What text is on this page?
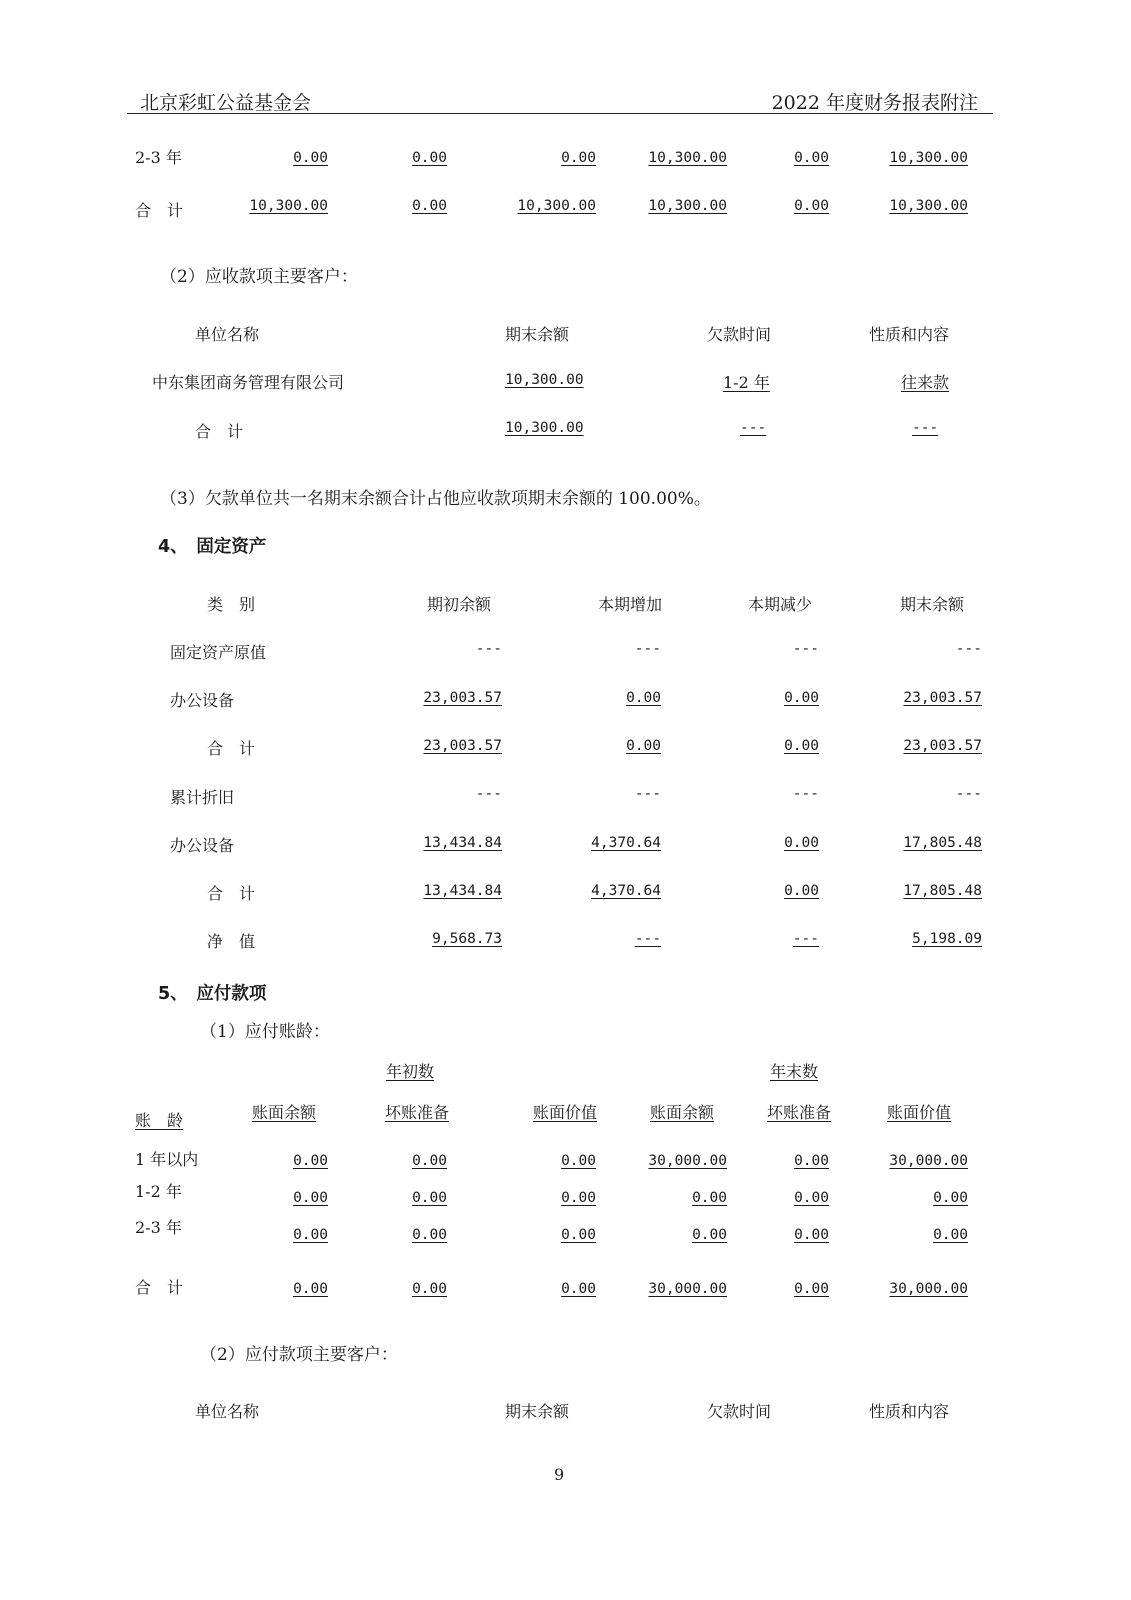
北京彩虹公益基金会	2022 年度财务报表附注
2-3 年	0.00	0.00	0.00	10,300.00	0.00	10,300.00
合　计	10,300.00	0.00	10,300.00	10,300.00	0.00	10,300.00
（2）应收款项主要客户：
单位名称	期末余额	欠款时间	性质和内容
中东集团商务管理有限公司	10,300.00	1-2 年	往来款
合　计	10,300.00	---	---
（3）欠款单位共一名期末余额合计占他应收款项期末余额的 100.00%。
4、　固定资产
类　别	期初余额	本期增加	本期减少	期末余额
固定资产原值	---	---	---	---
办公设备	23,003.57	0.00	0.00	23,003.57
合　计	23,003.57	0.00	0.00	23,003.57
累计折旧	---	---	---	---
办公设备	13,434.84	4,370.64	0.00	17,805.48
合　计	13,434.84	4,370.64	0.00	17,805.48
净　值	9,568.73	---	---	5,198.09
5、　应付款项
（1）应付账龄：
年初数	年末数
账　龄	账面余额	坏账准备	账面价值	账面余额	坏账准备	账面价值
1 年以内	0.00	0.00	0.00	30,000.00	0.00	30,000.00
1-2 年	0.00	0.00	0.00	0.00	0.00	0.00
2-3 年	0.00	0.00	0.00	0.00	0.00	0.00
合　计	0.00	0.00	0.00	30,000.00	0.00	30,000.00
（2）应付款项主要客户：
单位名称	期末余额	欠款时间	性质和内容
9
